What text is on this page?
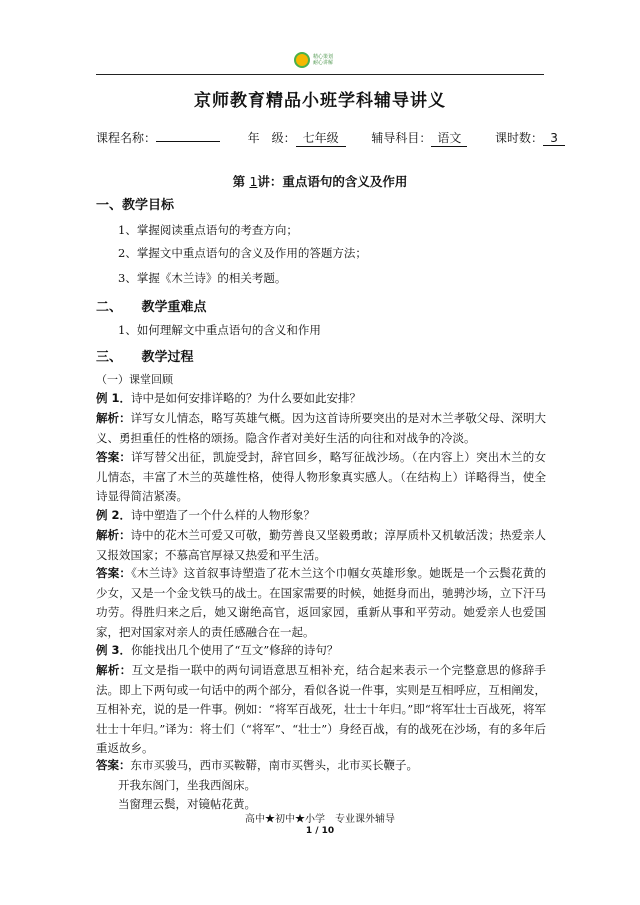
精心策划
耐心讲解
京师教育精品小班学科辅导讲义
课程名称：	年　级： 七年级	辅导科目： 语文	课时数： 3
第 1讲：重点语句的含义及作用
一、教学目标
1、掌握阅读重点语句的考查方向；
2、掌握文中重点语句的含义及作用的答题方法；
3、掌握《木兰诗》的相关考题。
二、　　教学重难点
1、如何理解文中重点语句的含义和作用
三、　　教学过程
（一）课堂回顾
例 1．诗中是如何安排详略的？为什么要如此安排？
解析：详写女儿情态，略写英雄气概。因为这首诗所要突出的是对木兰孝敬父母、深明大义、勇担重任的性格的颂扬。隐含作者对美好生活的向往和对战争的冷淡。
答案：详写替父出征，凯旋受封，辞官回乡，略写征战沙场。（在内容上）突出木兰的女儿情态，丰富了木兰的英雄性格，使得人物形象真实感人。（在结构上）详略得当，使全诗显得简洁紧凑。
例 2．诗中塑造了一个什么样的人物形象？
解析：诗中的花木兰可爱又可敬，勤劳善良又坚毅勇敢；淳厚质朴又机敏活泼；热爱亲人又报效国家；不慕高官厚禄又热爱和平生活。
答案：《木兰诗》这首叙事诗塑造了花木兰这个巾帼女英雄形象。她既是一个云鬓花黄的少女，又是一个金戈铁马的战士。在国家需要的时候，她挺身而出，驰骋沙场，立下汗马功劳。得胜归来之后，她又谢绝高官，返回家园，重新从事和平劳动。她爱亲人也爱国家，把对国家对亲人的责任感融合在一起。
例 3．你能找出几个使用了“互文”修辞的诗句？
解析：互文是指一联中的两句词语意思互相补充，结合起来表示一个完整意思的修辞手法。即上下两句或一句话中的两个部分，看似各说一件事，实则是互相呼应，互相阐发，互相补充，说的是一件事。例如：“将军百战死，壮士十年归。”即“将军壮士百战死，将军壮士十年归。”译为：将士们（“将军”、“壮士”）身经百战，有的战死在沙场，有的多年后重返故乡。
答案：东市买骏马，西市买鞍鞯，南市买辔头，北市买长鞭子。
开我东阁门，坐我西阁床。
当窗理云鬓，对镜帖花黄。
高中★初中★小学　专业课外辅导
1 / 10
